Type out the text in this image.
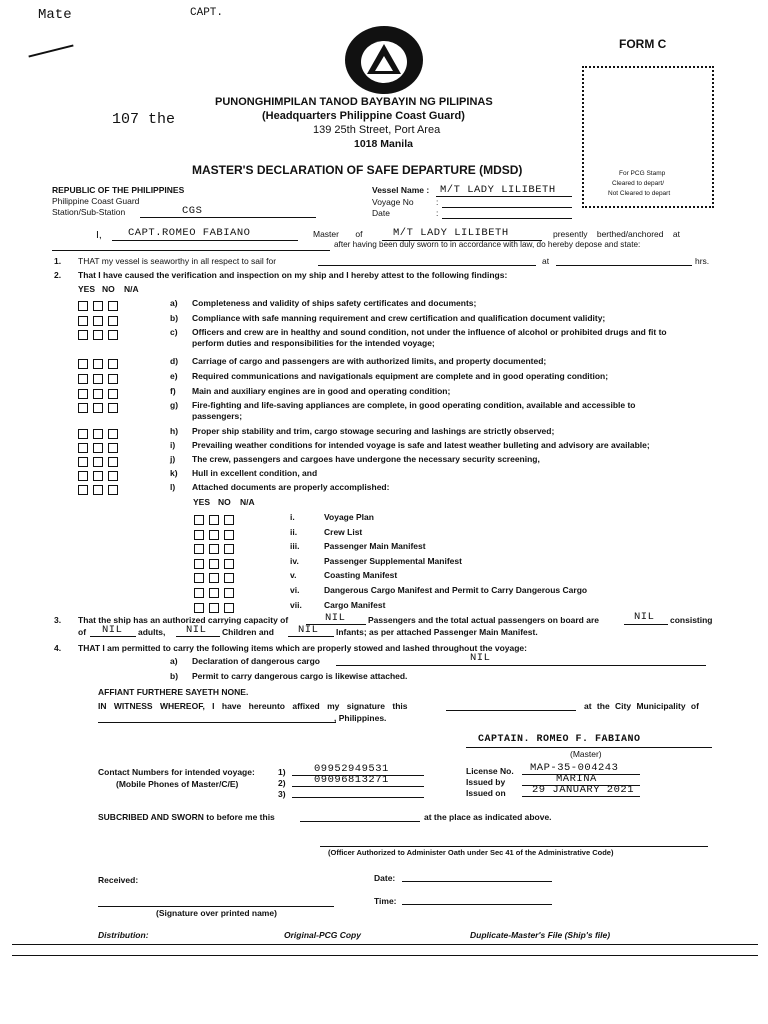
Mate	CAPT.
107 the
FORM C
For PCG Stamp
Cleared to depart/
Not Cleared to depart
PUNONGHIMPILAN TANOD BAYBAYIN NG PILIPINAS
(Headquarters Philippine Coast Guard)
139 25th Street, Port Area
1018 Manila
MASTER'S DECLARATION OF SAFE DEPARTURE (MDSD)
REPUBLIC OF THE PHILIPPINES
Philippine Coast Guard
Station/Sub-Station	CGS
Vessel Name : M/T LADY LILIBETH
Voyage No	:
Date	:
I, CAPT.ROMEO FABIANO	Master of	M/T LADY LILIBETH	presently berthed/anchored at
after having been duly sworn to in accordance with law, do hereby depose and state:
1. THAT my vessel is seaworthy in all respect to sail for	at	hrs.
2. That I have caused the verification and inspection on my ship and I hereby attest to the following findings:
YES NO N/A
a) Completeness and validity of ships safety certificates and documents;
b) Compliance with safe manning requirement and crew certification and qualification document validity;
c) Officers and crew are in healthy and sound condition, not under the influence of alcohol or prohibited drugs and fit to
perform duties and responsibilities for the intended voyage;
d) Carriage of cargo and passengers are with authorized limits, and property documented;
e) Required communications and navigationals equipment are complete and in good operating condition;
f) Main and auxiliary engines are in good and operating condition;
g) Fire-fighting and life-saving appliances are complete, in good operating condition, available and accessible to
passengers;
h) Proper ship stability and trim, cargo stowage securing and lashings are strictly observed;
i) Prevailing weather conditions for intended voyage is safe and latest weather bulleting and advisory are available;
j) The crew, passengers and cargoes have undergone the necessary security screening,
k) Hull in excellent condition, and
l) Attached documents are properly accomplished:
YES NO N/A
i.	Voyage Plan
ii.	Crew List
iii.	Passenger Main Manifest
iv.	Passenger Supplemental Manifest
v.	Coasting Manifest
vi.	Dangerous Cargo Manifest and Permit to Carry Dangerous Cargo
vii.	Cargo Manifest
3. That the ship has an authorized carrying capacity of	NIL	Passengers and the total actual passengers on board are	NIL consisting
of NIL adults, NIL Children and NIL Infants; as per attached Passenger Main Manifest.
4. THAT I am permitted to carry the following items which are properly stowed and lashed throughout the voyage:
a) Declaration of dangerous cargo	NIL
b) Permit to carry dangerous cargo is likewise attached.
AFFIANT FURTHERE SAYETH NONE.
IN WITNESS WHEREOF, I have hereunto affixed my signature this	at the City Municipality of
, Philippines.
CAPTAIN. ROMEO F. FABIANO
(Master)
Contact Numbers for intended voyage:
(Mobile Phones of Master/C/E)
1)	09952949531
2)	09096813271
3)
License No. MAP-35-004243
Issued by	MARINA
Issued on	29 JANUARY 2021
SUBCRIBED AND SWORN to before me this	at the place as indicated above.
(Officer Authorized to Administer Oath under Sec 41 of the Administrative Code)
Received:	Date:
Time:
(Signature over printed name)
Distribution:	Original-PCG Copy	Duplicate-Master's File (Ship's file)
